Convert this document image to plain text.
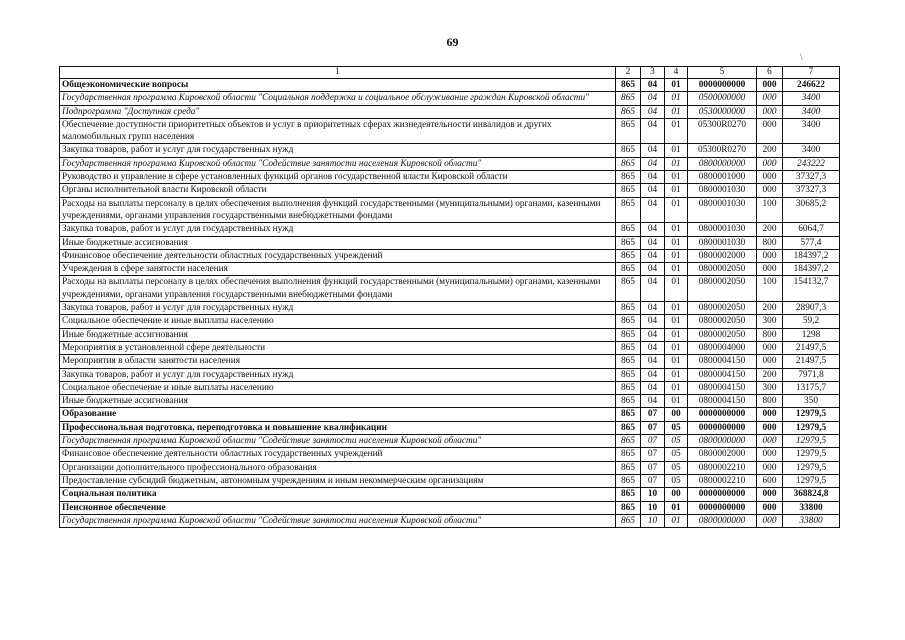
69
\
1	2	3	4	5	6	7
Общеэкономические вопросы	865	04	01	0000000000	000	246622
Государственная программа Кировской области "Социальная поддержка и социальное обслуживание граждан Кировской области"	865	04	01	0500000000	000	3400
Подпрограмма "Доступная среда"	865	04	01	0530000000	000	3400
Обеспечение доступности приоритетных объектов и услуг в приоритетных сферах жизнедеятельности инвалидов и других маломобильных групп населения	865	04	01	05300R0270	000	3400
Закупка товаров, работ и услуг для государственных нужд	865	04	01	05300R0270	200	3400
Государственная программа Кировской области "Содействие занятости населения Кировской области"	865	04	01	0800000000	000	243222
Руководство и управление в сфере установленных функций органов государственной власти Кировской области	865	04	01	0800001000	000	37327,3
Органы исполнительной власти Кировской области	865	04	01	0800001030	000	37327,3
Расходы на выплаты персоналу в целях обеспечения выполнения функций государственными (муниципальными) органами, казенными учреждениями, органами управления государственными внебюджетными фондами	865	04	01	0800001030	100	30685,2
Закупка товаров, работ и услуг для государственных нужд	865	04	01	0800001030	200	6064,7
Иные бюджетные ассигнования	865	04	01	0800001030	800	577,4
Финансовое обеспечение деятельности областных государственных учреждений	865	04	01	0800002000	000	184397,2
Учреждения в сфере занятости населения	865	04	01	0800002050	000	184397,2
Расходы на выплаты персоналу в целях обеспечения выполнения функций государственными (муниципальными) органами, казенными учреждениями, органами управления государственными внебюджетными фондами	865	04	01	0800002050	100	154132,7
Закупка товаров, работ и услуг для государственных нужд	865	04	01	0800002050	200	28907,3
Социальное обеспечение и иные выплаты населению	865	04	01	0800002050	300	59,2
Иные бюджетные ассигнования	865	04	01	0800002050	800	1298
Мероприятия в установленной сфере деятельности	865	04	01	0800004000	000	21497,5
Мероприятия в области занятости населения	865	04	01	0800004150	000	21497,5
Закупка товаров, работ и услуг для государственных нужд	865	04	01	0800004150	200	7971,8
Социальное обеспечение и иные выплаты населению	865	04	01	0800004150	300	13175,7
Иные бюджетные ассигнования	865	04	01	0800004150	800	350
Образование	865	07	00	0000000000	000	12979,5
Профессиональная подготовка, переподготовка и повышение квалификации	865	07	05	0000000000	000	12979,5
Государственная программа Кировской области "Содействие занятости населения Кировской области"	865	07	05	0800000000	000	12979,5
Финансовое обеспечение деятельности областных государственных учреждений	865	07	05	0800002000	000	12979,5
Организации дополнительного профессионального образования	865	07	05	0800002210	000	12979,5
Предоставление субсидий бюджетным, автономным учреждениям и иным некоммерческим организациям	865	07	05	0800002210	600	12979,5
Социальная политика	865	10	00	0000000000	000	368824,8
Пенсионное обеспечение	865	10	01	0000000000	000	33800
Государственная программа Кировской области "Содействие занятости населения Кировской области"	865	10	01	0800000000	000	33800
